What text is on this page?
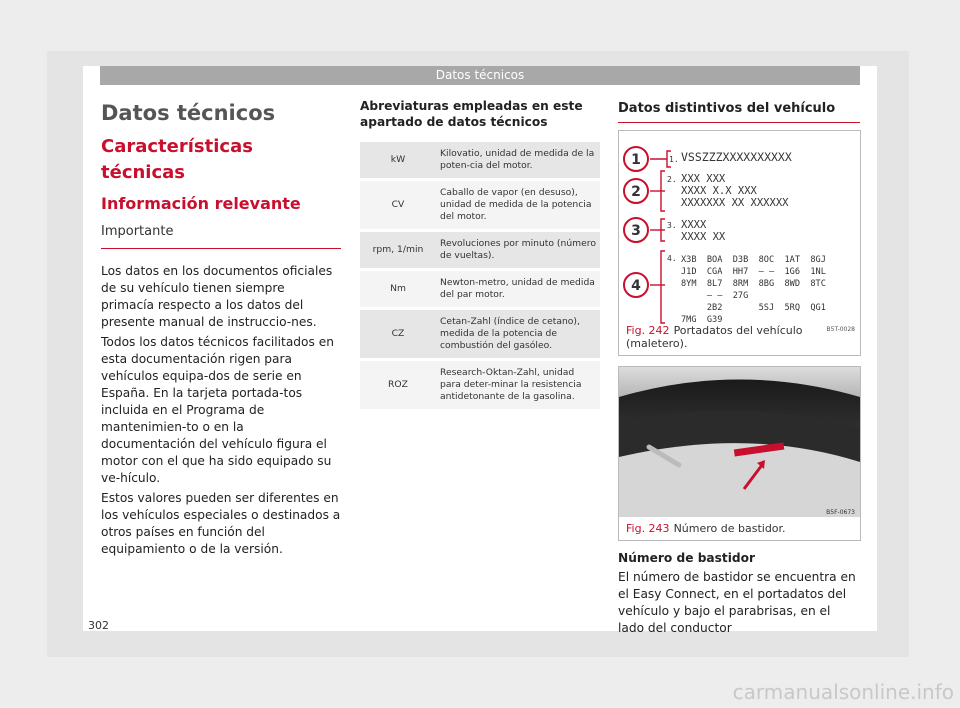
Datos técnicos
Datos técnicos
Características técnicas
Información relevante
Importante

Los datos en los documentos oficiales de su vehículo tienen siempre primacía respecto a los datos del presente manual de instruccio-nes.

Todos los datos técnicos facilitados en esta documentación rigen para vehículos equipa-dos de serie en España. En la tarjeta portada-tos incluida en el Programa de mantenimien-to o en la documentación del vehículo figura el motor con el que ha sido equipado su ve-hículo.

Estos valores pueden ser diferentes en los vehículos especiales o destinados a otros países en función del equipamiento o de la versión.

Abreviaturas empleadas en este apartado de datos técnicos
kW	Kilovatio, unidad de medida de la poten-cia del motor.
CV	Caballo de vapor (en desuso), unidad de medida de la potencia del motor.
rpm, 1/min	Revoluciones por minuto (número de vueltas).
Nm	Newton-metro, unidad de medida del par motor.
CZ	Cetan-Zahl (índice de cetano), medida de la potencia de combustión del gasóleo.
ROZ	Research-Oktan-Zahl, unidad para deter-minar la resistencia antidetonante de la gasolina.
Datos distintivos del vehículo
1
2
3
4
1. VSSZZZXXXXXXXXXX
2. XXX XXX
XXXX X.X XXX
XXXXXXX XX XXXXXX
3. XXXX
XXXX XX
4. X3B  BOA  D3B  8OC  1AT  8GJ
J1D  CGA  HH7  – –  1G6  1NL
8YM  8L7  8RM  8BG  8WD  8TC
– –  27G
2B2       5SJ  5RQ  QG1
7MG  G39
B5T-0028
Fig. 242 Portadatos del vehículo (maletero).
B5F-0673
Fig. 243 Número de bastidor.
Número de bastidor
El número de bastidor se encuentra en el Easy Connect, en el portadatos del vehículo y bajo el parabrisas, en el lado del conductor
302
carmanualsonline.info
